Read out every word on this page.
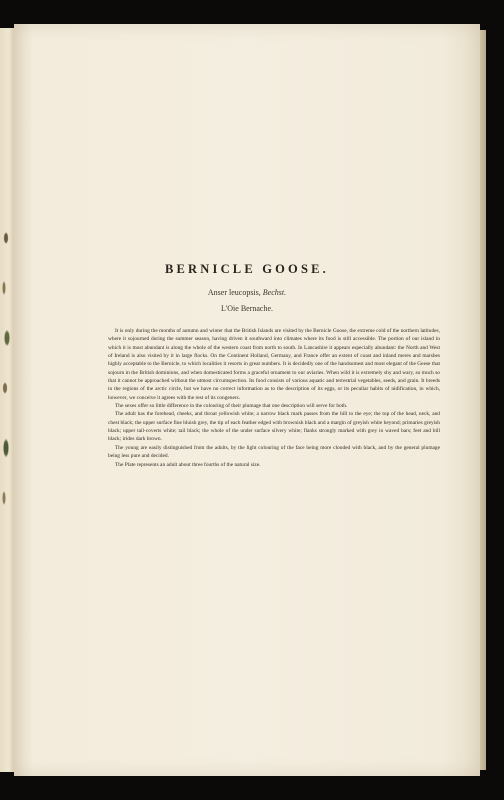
BERNICLE GOOSE.
Anser leucopsis, Bechst.
L'Oie Bernache.

It is only during the months of autumn and winter that the British Islands are visited by the Bernicle Goose, the extreme cold of the northern latitudes, where it sojourned during the summer season, having driven it southward into climates where its food is still accessible. The portion of our island in which it is most abundant is along the whole of the western coast from north to south. In Lancashire it appears especially abundant: the North and West of Ireland is also visited by it in large flocks. On the Continent Holland, Germany, and France offer an extent of coast and inland meres and marshes highly acceptable to the Bernicle, to which localities it resorts in great numbers. It is decidedly one of the handsomest and most elegant of the Geese that sojourn in the British dominions, and when domesticated forms a graceful ornament to our aviaries. When wild it is extremely shy and wary, so much so that it cannot be approached without the utmost circumspection. Its food consists of various aquatic and terrestrial vegetables, seeds, and grain. It breeds in the regions of the arctic circle, but we have no correct information as to the description of its eggs, or its peculiar habits of nidification, in which, however, we conceive it agrees with the rest of its congeners.

The sexes offer so little difference in the colouring of their plumage that one description will serve for both.

The adult has the forehead, cheeks, and throat yellowish white; a narrow black mark passes from the bill to the eye; the top of the head, neck, and chest black; the upper surface fine bluish grey, the tip of each feather edged with brownish black and a margin of greyish white beyond; primaries greyish black; upper tail-coverts white; tail black; the whole of the under surface silvery white; flanks strongly marked with grey in waved bars; feet and bill black; irides dark brown.

The young are easily distinguished from the adults, by the light colouring of the face being more clouded with black, and by the general plumage being less pure and decided.

The Plate represents an adult about three fourths of the natural size.
